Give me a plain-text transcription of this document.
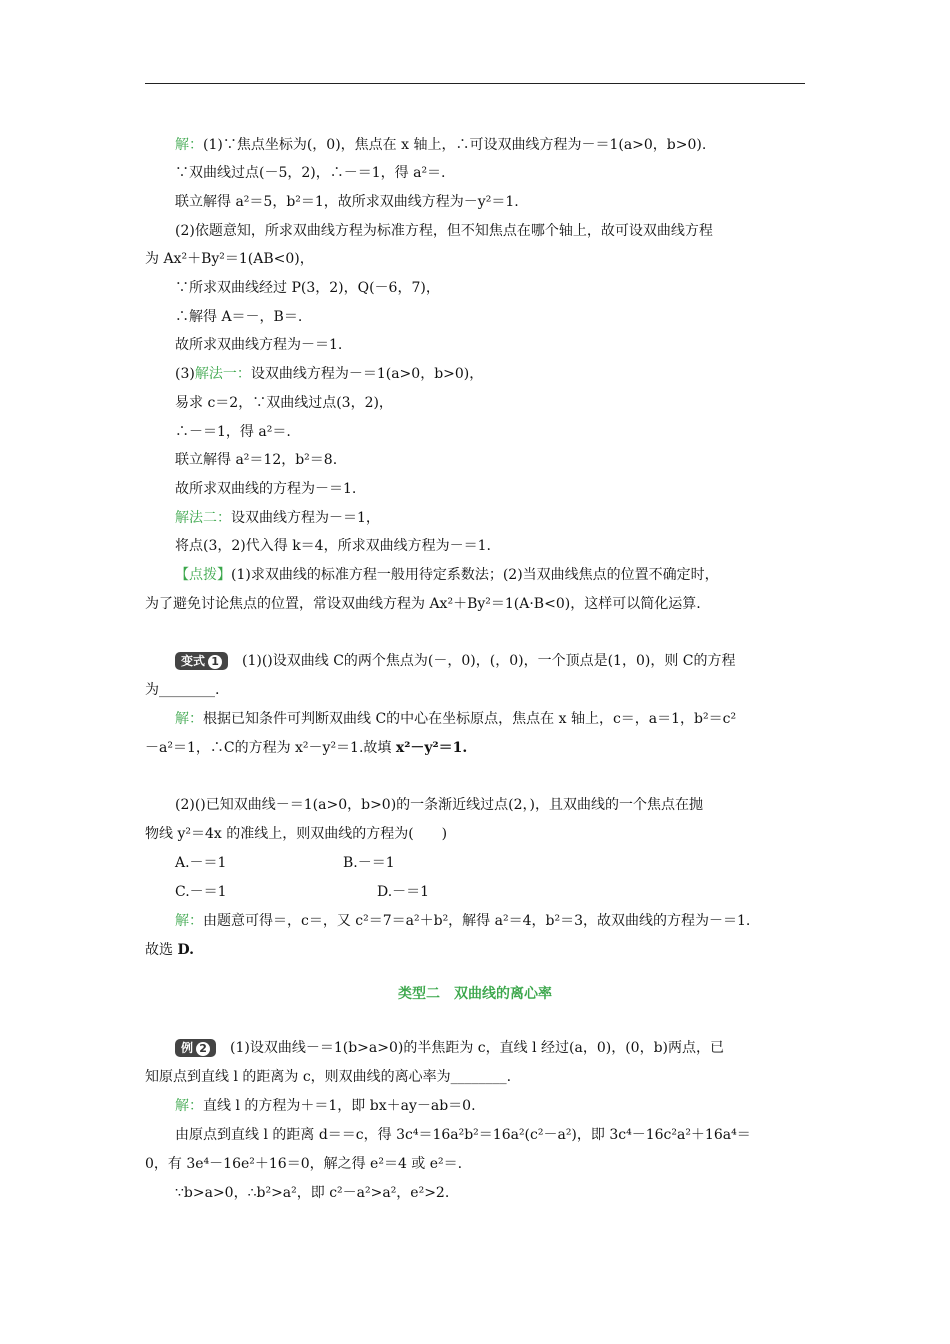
解：(1)∵焦点坐标为(，0)，焦点在 x 轴上，∴可设双曲线方程为－＝1(a>0，b>0).
∵双曲线过点(－5，2)，∴－＝1，得 a²＝.
联立解得 a²＝5，b²＝1，故所求双曲线方程为－y²＝1.
(2)依题意知，所求双曲线方程为标准方程，但不知焦点在哪个轴上，故可设双曲线方程
为 Ax²＋By²＝1(AB<0)，
∵所求双曲线经过 P(3，2)，Q(－6，7)，
∴解得 A＝－，B＝.
故所求双曲线方程为－＝1.
(3)解法一：设双曲线方程为－＝1(a>0，b>0)，
易求 c＝2，∵双曲线过点(3，2)，
∴－＝1，得 a²＝.
联立解得 a²＝12，b²＝8.
故所求双曲线的方程为－＝1.
解法二：设双曲线方程为－＝1，
将点(3，2)代入得 k＝4，所求双曲线方程为－＝1.
【点拨】(1)求双曲线的标准方程一般用待定系数法；(2)当双曲线焦点的位置不确定时，
为了避免讨论焦点的位置，常设双曲线方程为 Ax²＋By²＝1(A·B<0)，这样可以简化运算.
变式 1 (1)()设双曲线 C的两个焦点为(－，0)，(，0)，一个顶点是(1，0)，则 C的方程
为________.
解：根据已知条件可判断双曲线 C的中心在坐标原点，焦点在 x 轴上，c＝，a＝1，b²＝c²
－a²＝1，∴C的方程为 x²－y²＝1.故填 x²－y²＝1.
(2)()已知双曲线－＝1(a>0，b>0)的一条渐近线过点(2，)，且双曲线的一个焦点在抛
物线 y²＝4x 的准线上，则双曲线的方程为(　　)
A.－＝1	B.－＝1
C.－＝1	D.－＝1
解：由题意可得＝，c＝，又 c²＝7＝a²＋b²，解得 a²＝4，b²＝3，故双曲线的方程为－＝1.
故选 D.
类型二　双曲线的离心率
例 2 (1)设双曲线－＝1(b>a>0)的半焦距为 c，直线 l 经过(a，0)，(0，b)两点，已
知原点到直线 l 的距离为 c，则双曲线的离心率为________.
解：直线 l 的方程为＋＝1，即 bx＋ay－ab＝0.
由原点到直线 l 的距离 d＝＝c，得 3c⁴＝16a²b²＝16a²(c²－a²)，即 3c⁴－16c²a²＋16a⁴＝
0，有 3e⁴－16e²＋16＝0，解之得 e²＝4 或 e²＝.
∵b>a>0，∴b²>a²，即 c²－a²>a²，e²>2.
